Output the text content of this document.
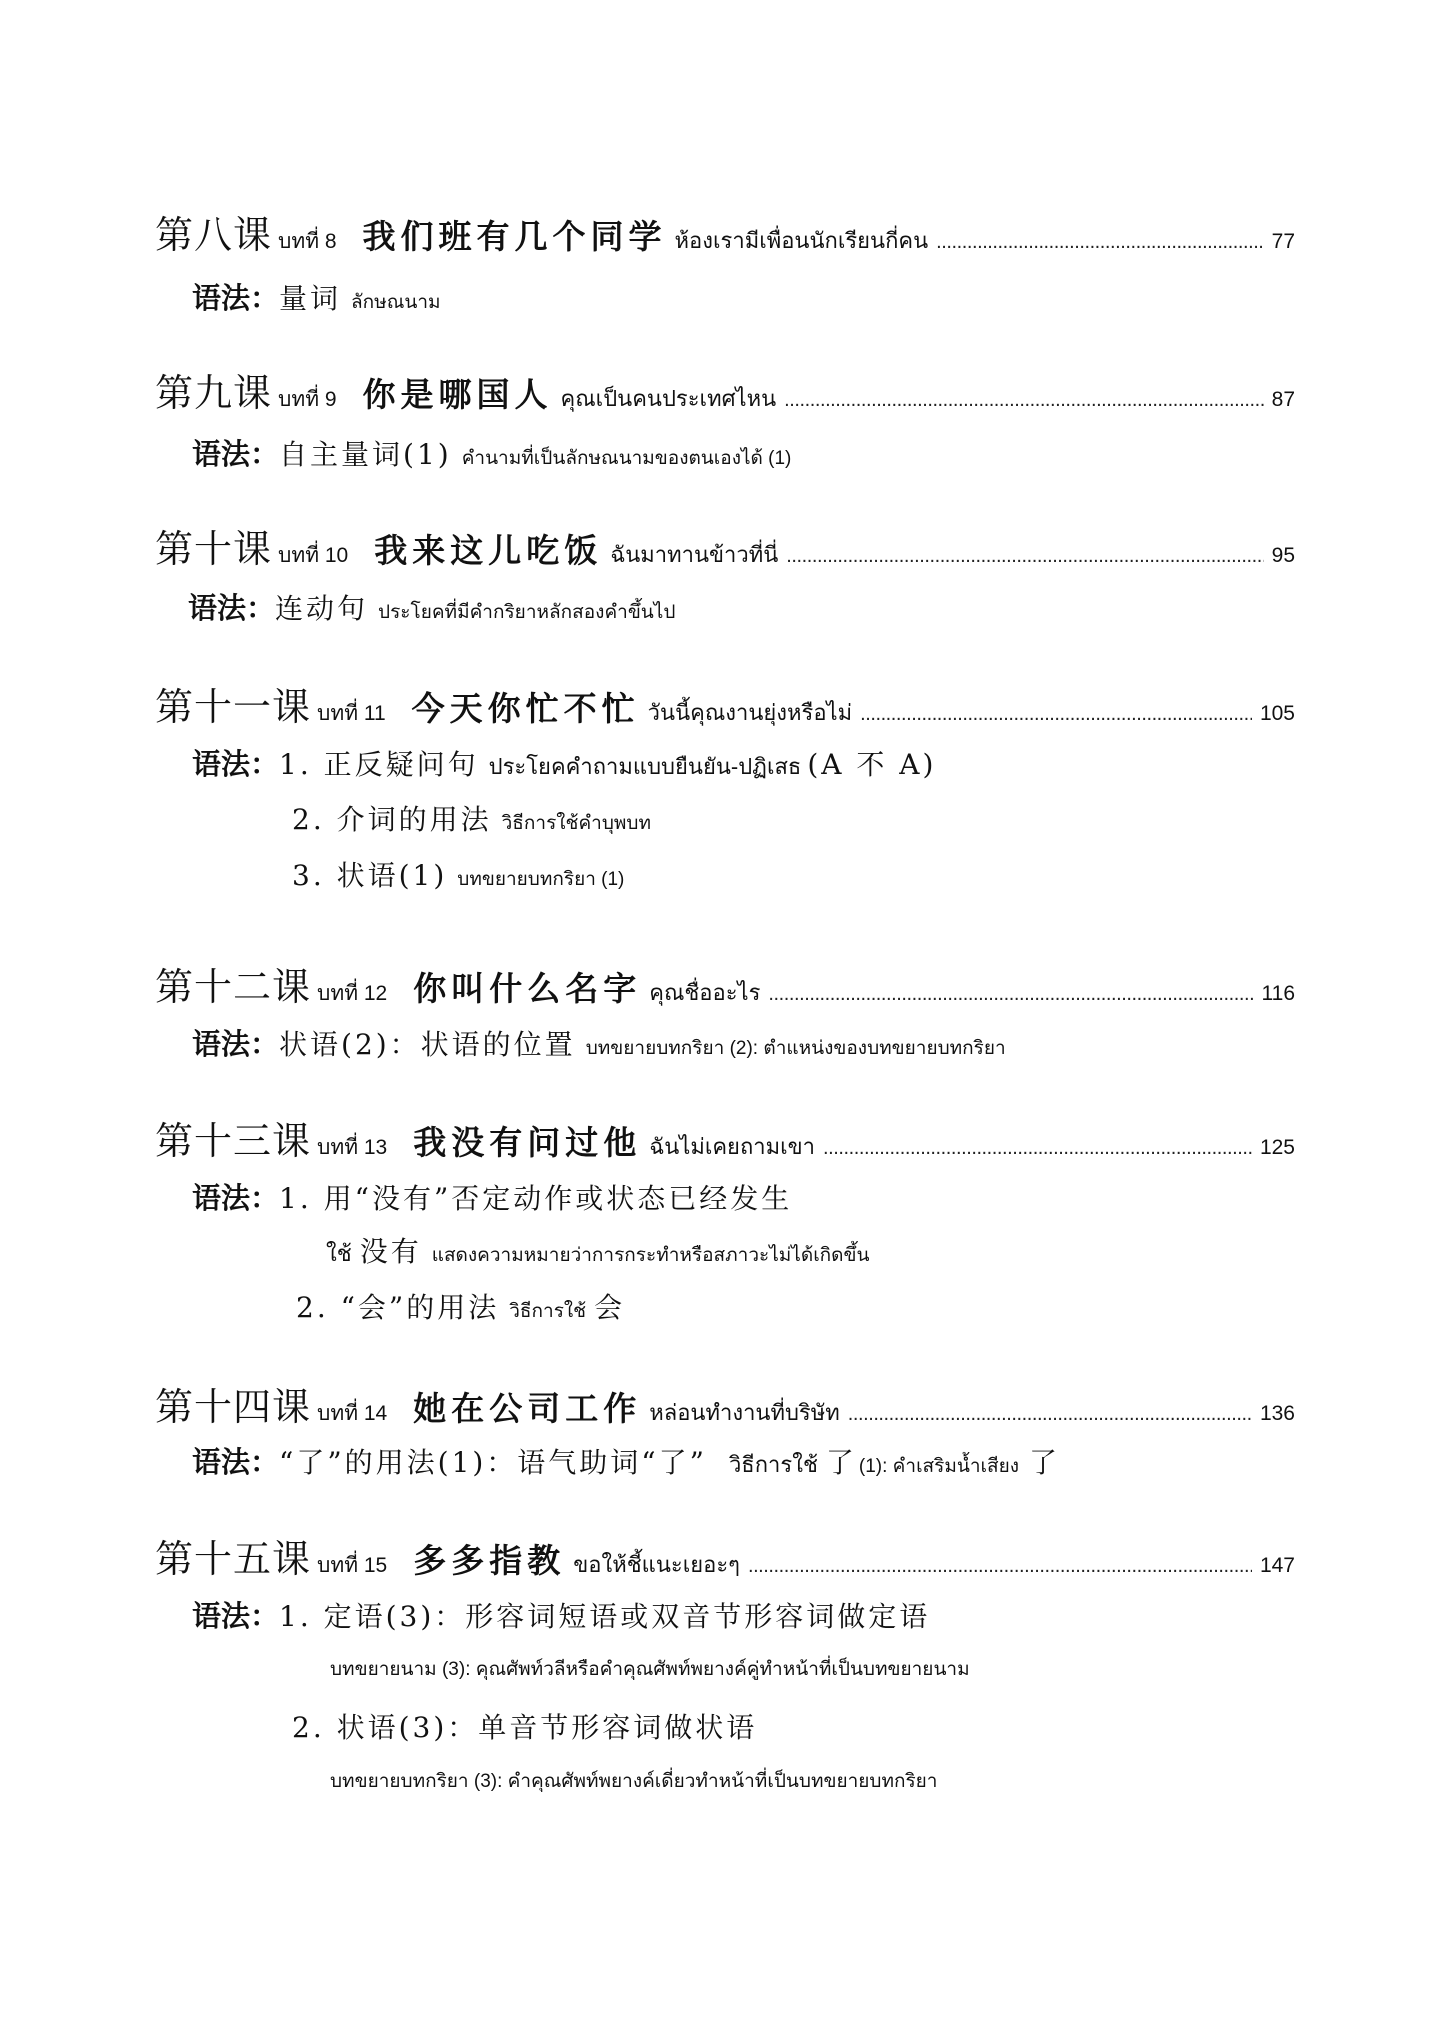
第八课 บทที่ 8 我们班有几个同学 ห้องเรามีเพื่อนนักเรียนกี่คน . . .	77
语法： 量词 ลักษณนาม
第九课 บทที่ 9 你是哪国人 คุณเป็นคนประเทศไหน . . .	87
语法： 自主量词(1) คำนามที่เป็นลักษณนามของตนเองได้ (1)
第十课 บทที่ 10 我来这儿吃饭 ฉันมาทานข้าวที่นี่ . . .	95
语法： 连动句 ประโยคที่มีคำกริยาหลักสองคำขึ้นไป
第十一课 บทที่ 11 今天你忙不忙 วันนี้คุณงานยุ่งหรือไม่ . . .	105
语法： 1. 正反疑问句 ประโยคคำถามแบบยืนยัน-ปฏิเสธ (A 不 A)
2. 介词的用法 วิธีการใช้คำบุพบท
3. 状语(1) บทขยายบทกริยา (1)
第十二课 บทที่ 12 你叫什么名字 คุณชื่ออะไร . . .	116
语法： 状语(2)：状语的位置 บทขยายบทกริยา (2): ตำแหน่งของบทขยายบทกริยา
第十三课 บทที่ 13 我没有问过他 ฉันไม่เคยถามเขา . . .	125
语法： 1. 用“没有”否定动作或状态已经发生
ใช้ 没有 แสดงความหมายว่าการกระทำหรือสภาวะไม่ได้เกิดขึ้น
2. “会”的用法 วิธีการใช้ 会
第十四课 บทที่ 14 她在公司工作 หล่อนทำงานที่บริษัท . . .	136
语法： “了”的用法(1)：语气助词“了” วิธีการใช้ 了 (1): คำเสริมน้ำเสียง 了
第十五课 บทที่ 15 多多指教 ขอให้ชี้แนะเยอะๆ . . .	147
语法： 1. 定语(3)：形容词短语或双音节形容词做定语
บทขยายนาม (3): คุณศัพท์วลีหรือคำคุณศัพท์พยางค์คู่ทำหน้าที่เป็นบทขยายนาม
2. 状语(3)：单音节形容词做状语
บทขยายบทกริยา (3): คำคุณศัพท์พยางค์เดี่ยวทำหน้าที่เป็นบทขยายบทกริยา
